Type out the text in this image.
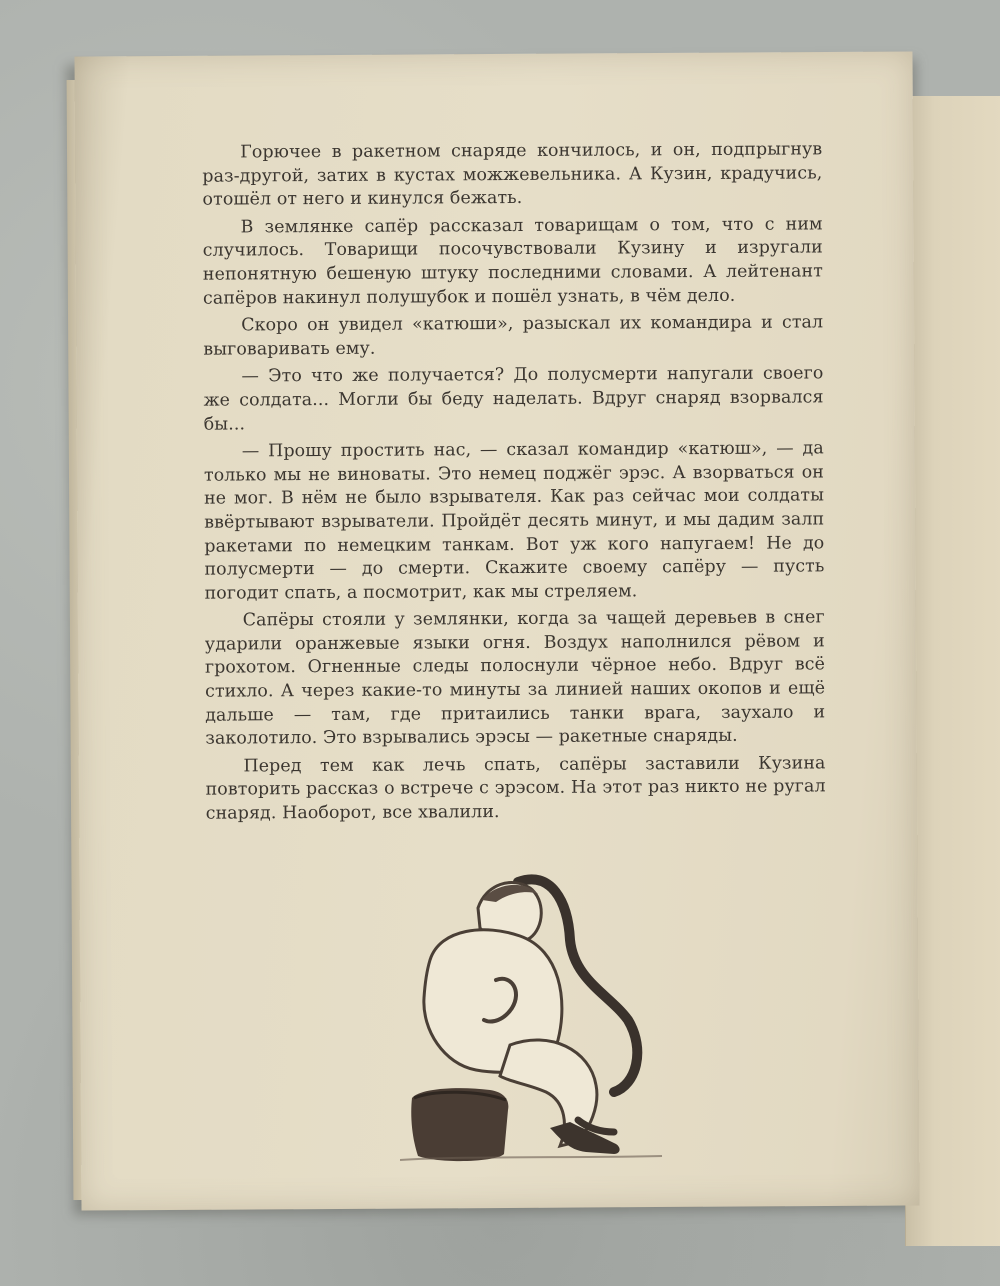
Горючее в ракетном снаряде кончилось, и он, подпрыгнув раз-другой, затих в кустах можжевельника. А Кузин, крадучись, отошёл от него и кинулся бежать.

В землянке сапёр рассказал товарищам о том, что с ним случилось. Товарищи посочувствовали Кузину и изругали непонятную бешеную штуку последними словами. А лейтенант сапёров накинул полушубок и пошёл узнать, в чём дело.

Скоро он увидел «катюши», разыскал их командира и стал выговаривать ему.

— Это что же получается? До полусмерти напугали своего же солдата... Могли бы беду наделать. Вдруг снаряд взорвался бы...

— Прошу простить нас, — сказал командир «катюш», — да только мы не виноваты. Это немец поджёг эрэс. А взорваться он не мог. В нём не было взрывателя. Как раз сейчас мои солдаты ввёртывают взрыватели. Пройдёт десять минут, и мы дадим залп ракетами по немецким танкам. Вот уж кого напугаем! Не до полусмерти — до смерти. Скажите своему сапёру — пусть погодит спать, а посмотрит, как мы стреляем.

Сапёры стояли у землянки, когда за чащей деревьев в снег ударили оранжевые языки огня. Воздух наполнился рёвом и грохотом. Огненные следы полоснули чёрное небо. Вдруг всё стихло. А через какие-то минуты за линией наших окопов и ещё дальше — там, где притаились танки врага, заухало и заколотило. Это взрывались эрэсы — ракетные снаряды.

Перед тем как лечь спать, сапёры заставили Кузина повторить рассказ о встрече с эрэсом. На этот раз никто не ругал снаряд. Наоборот, все хвалили.
